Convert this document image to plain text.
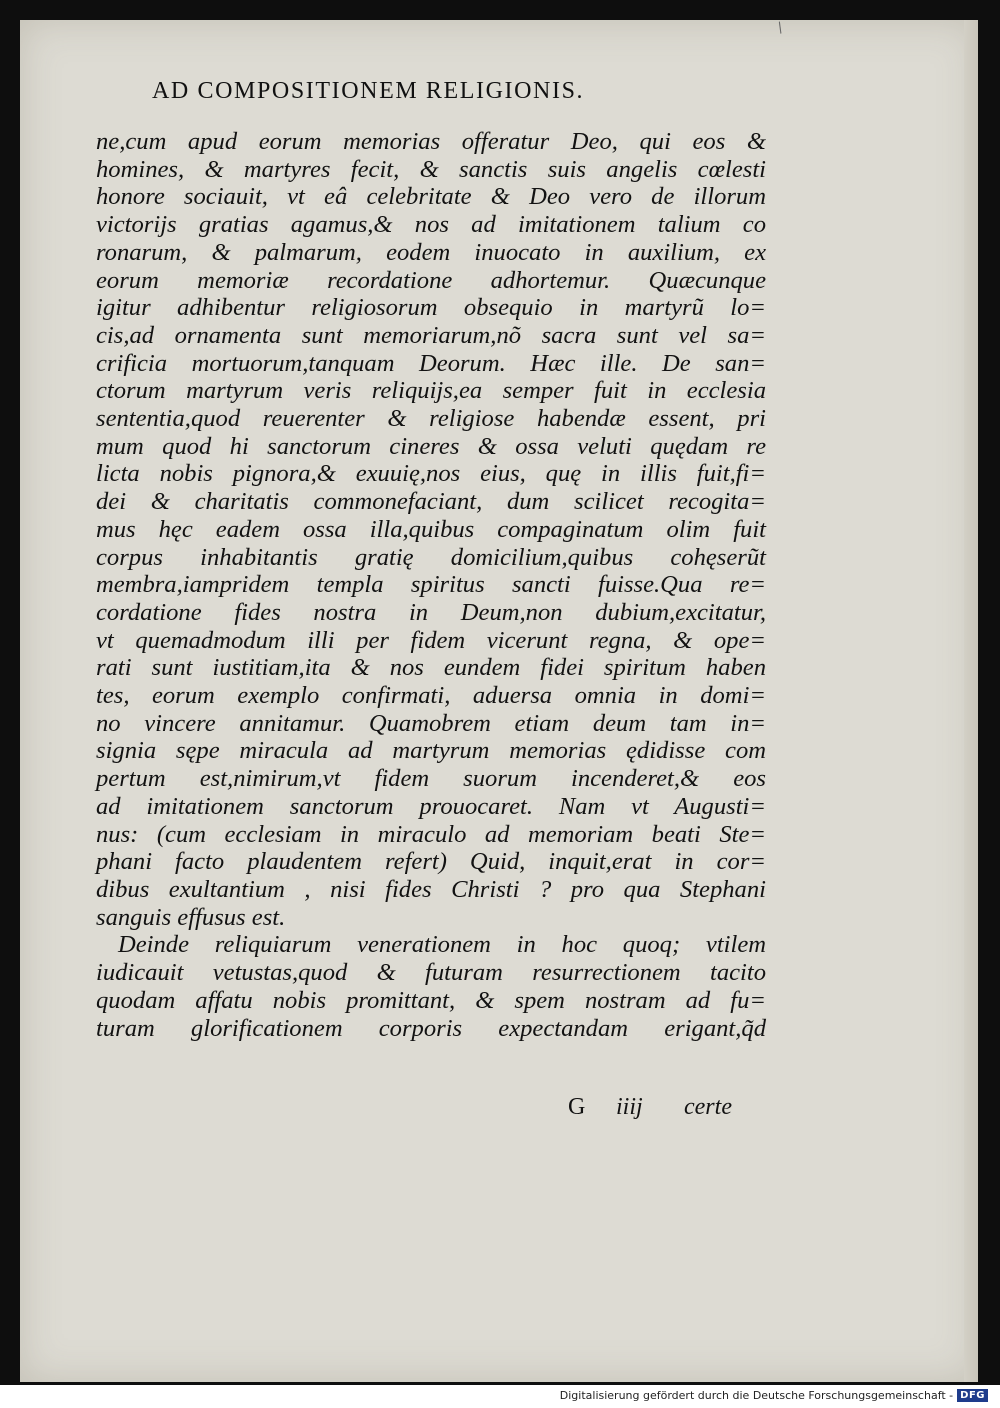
/
AD COMPOSITIONEM RELIGIONIS.
ne,cum apud eorum memorias offeratur Deo, qui eos &
homines, & martyres fecit, & sanctis suis angelis cœlesti
honore sociauit, vt eâ celebritate & Deo vero de illorum
victorijs gratias agamus,& nos ad imitationem talium co
ronarum, & palmarum, eodem inuocato in auxilium, ex
eorum memoriæ recordatione adhortemur. Quæcunque
igitur adhibentur religiosorum obsequio in martyrũ lo=
cis,ad ornamenta sunt memoriarum,nõ sacra sunt vel sa=
crificia mortuorum,tanquam Deorum. Hæc ille. De san=
ctorum martyrum veris reliquijs,ea semper fuit in ecclesia
sententia,quod reuerenter & religiose habendæ essent, pri
mum quod hi sanctorum cineres & ossa veluti quędam re
licta nobis pignora,& exuuię,nos eius, quę in illis fuit,fi=
dei & charitatis commonefaciant, dum scilicet recogita=
mus hęc eadem ossa illa,quibus compaginatum olim fuit
corpus inhabitantis gratię domicilium,quibus cohęserũt
membra,iampridem templa spiritus sancti fuisse.Qua re=
cordatione fides nostra in Deum,non dubium,excitatur,
vt quemadmodum illi per fidem vicerunt regna, & ope=
rati sunt iustitiam,ita & nos eundem fidei spiritum haben
tes, eorum exemplo confirmati, aduersa omnia in domi=
no vincere annitamur. Quamobrem etiam deum tam in=
signia sępe miracula ad martyrum memorias ędidisse com
pertum est,nimirum,vt fidem suorum incenderet,& eos
ad imitationem sanctorum prouocaret. Nam vt Augusti=
nus: (cum ecclesiam in miraculo ad memoriam beati Ste=
phani facto plaudentem refert) Quid, inquit,erat in cor=
dibus exultantium , nisi fides Christi ? pro qua Stephani
sanguis effusus est.
Deinde reliquiarum venerationem in hoc quoq; vtilem
iudicauit vetustas,quod & futuram resurrectionem tacito
quodam affatu nobis promittant, & spem nostram ad fu=
turam glorificationem corporis expectandam erigant,q̃d
G iiij certe
Digitalisierung gefördert durch die Deutsche Forschungsgemeinschaft - DFG
